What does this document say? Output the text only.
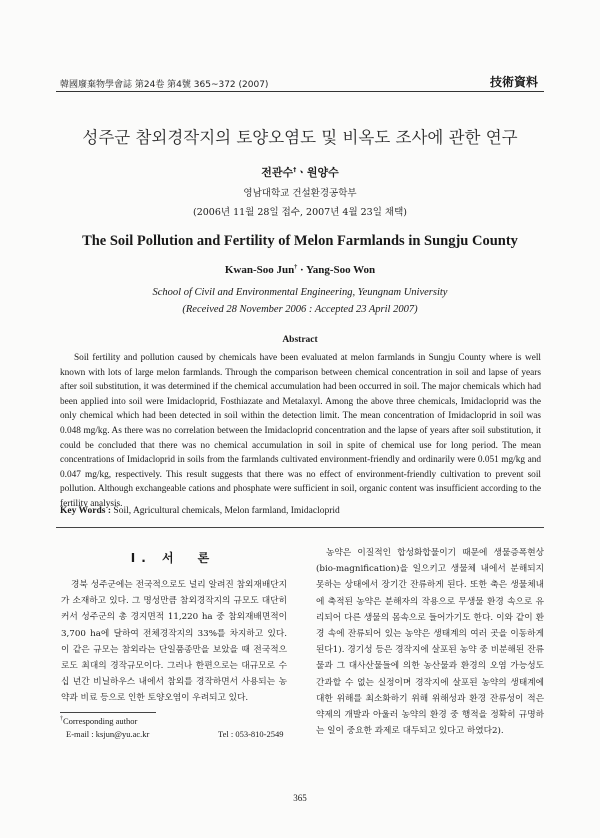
韓國廢棄物學會誌 第24卷 第4號 365~372 (2007)	技術資料
성주군 참외경작지의 토양오염도 및 비옥도 조사에 관한 연구
전관수†ㆍ원양수
영남대학교 건설환경공학부
(2006년 11월 28일 접수, 2007년 4월 23일 채택)
The Soil Pollution and Fertility of Melon Farmlands in Sungju County
Kwan-Soo Jun† · Yang-Soo Won
School of Civil and Environmental Engineering, Yeungnam University
(Received 28 November 2006 : Accepted 23 April 2007)
Abstract
Soil fertility and pollution caused by chemicals have been evaluated at melon farmlands in Sungju County where is well known with lots of large melon farmlands. Through the comparison between chemical concentration in soil and lapse of years after soil substitution, it was determined if the chemical accumulation had been occurred in soil. The major chemicals which had been applied into soil were Imidacloprid, Fosthiazate and Metalaxyl. Among the above three chemicals, Imidacloprid was the only chemical which had been detected in soil within the detection limit. The mean concentration of Imidacloprid in soil was 0.048 mg/kg. As there was no correlation between the Imidacloprid concentration and the lapse of years after soil substitution, it could be concluded that there was no chemical accumulation in soil in spite of chemical use for long period. The mean concentrations of Imidacloprid in soils from the farmlands cultivated environment-friendly and ordinarily were 0.051 mg/kg and 0.047 mg/kg, respectively. This result suggests that there was no effect of environment-friendly cultivation to prevent soil pollution. Although exchangeable cations and phosphate were sufficient in soil, organic content was insufficient according to the fertility analysis.
Key Words : Soil, Agricultural chemicals, Melon farmland, Imidacloprid
I. 서　론
경북 성주군에는 전국적으로도 널리 알려진 참외재배단지가 소재하고 있다. 그 명성만큼 참외경작지의 규모도 대단히 커서 성주군의 총 경지면적 11,220 ha 중 참외재배면적이 3,700 ha에 달하여 전체경작지의 33%를 차지하고 있다. 이 같은 규모는 참외라는 단일품종만을 보았을 때 전국적으로도 최대의 경작규모이다. 그러나 한편으로는 대규모로 수십 년간 비닐하우스 내에서 참외를 경작하면서 사용되는 농약과 비료 등으로 인한 토양오염이 우려되고 있다.
농약은 이질적인 합성화합물이기 때문에 생물증폭현상(bio-magnification)을 일으키고 생물체 내에서 분해되지 못하는 상태에서 장기간 잔류하게 된다. 또한 축은 생물체내에 축적된 농약은 분해자의 작용으로 무생물 환경 속으로 유리되어 다른 생물의 몸속으로 들어가기도 한다. 이와 같이 환경 속에 잔류되어 있는 농약은 생태계의 여러 곳을 이동하게 된다1). 경기성 등은 경작지에 살포된 농약 중 비분해된 잔류물과 그 대사산물들에 의한 농산물과 환경의 오염 가능성도 간과할 수 없는 실정이며 경작지에 살포된 농약의 생태계에 대한 위해를 최소화하기 위해 위해성과 환경 잔류성이 적은 약제의 개발과 아울러 농약의 환경 중 행적을 정확히 규명하는 일이 중요한 과제로 대두되고 있다고 하였다2).
†Corresponding author
E-mail : ksjun@yu.ac.kr	Tel : 053-810-2549
365
